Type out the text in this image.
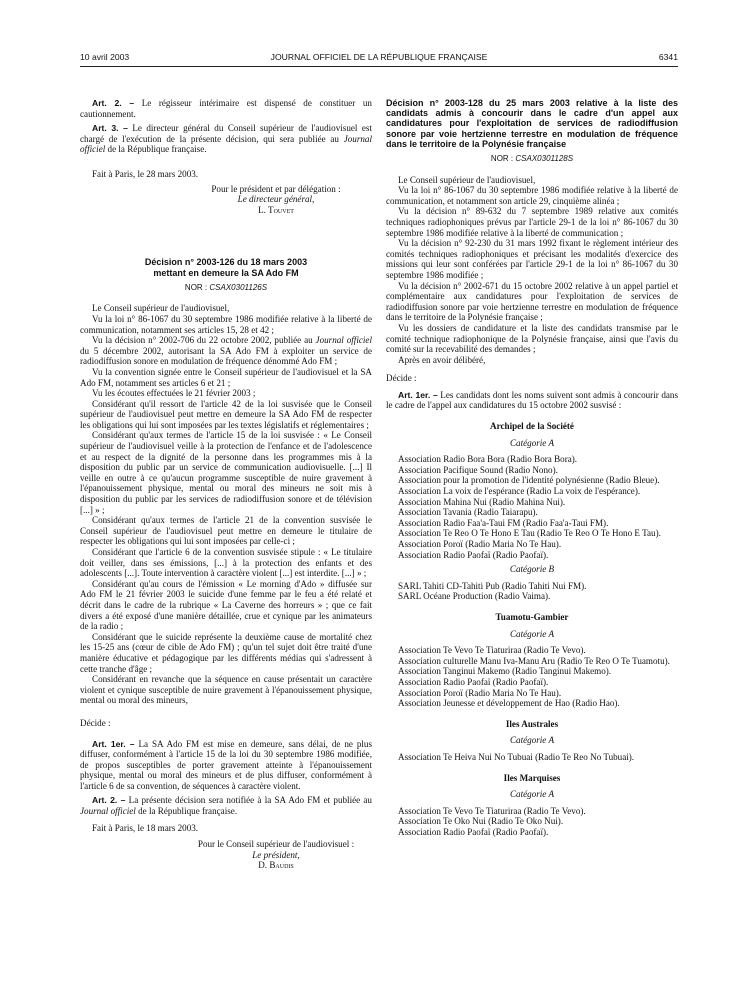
10 avril 2003	JOURNAL OFFICIEL DE LA RÉPUBLIQUE FRANÇAISE	6341

Art. 2. – Le régisseur intérimaire est dispensé de constituer un cautionnement.

Art. 3. – Le directeur général du Conseil supérieur de l'audiovisuel est chargé de l'exécution de la présente décision, qui sera publiée au Journal officiel de la République française.

Fait à Paris, le 28 mars 2003.

Pour le président et par délégation :
Le directeur général,
L. Touvet
Décision n° 2003-126 du 18 mars 2003
mettant en demeure la SA Ado FM
NOR : CSAX0301126S

Le Conseil supérieur de l'audiovisuel,

Vu la loi n° 86-1067 du 30 septembre 1986 modifiée relative à la liberté de communication, notamment ses articles 15, 28 et 42 ;

Vu la décision n° 2002-706 du 22 octobre 2002, publiée au Journal officiel du 5 décembre 2002, autorisant la SA Ado FM à exploiter un service de radiodiffusion sonore en modulation de fréquence dénommé Ado FM ;

Vu la convention signée entre le Conseil supérieur de l'audiovisuel et la SA Ado FM, notamment ses articles 6 et 21 ;

Vu les écoutes effectuées le 21 février 2003 ;

Considérant qu'il ressort de l'article 42 de la loi susvisée que le Conseil supérieur de l'audiovisuel peut mettre en demeure la SA Ado FM de respecter les obligations qui lui sont imposées par les textes législatifs et réglementaires ;

Considérant qu'aux termes de l'article 15 de la loi susvisée : « Le Conseil supérieur de l'audiovisuel veille à la protection de l'enfance et de l'adolescence et au respect de la dignité de la personne dans les programmes mis à la disposition du public par un service de communication audiovisuelle. [...] Il veille en outre à ce qu'aucun programme susceptible de nuire gravement à l'épanouissement physique, mental ou moral des mineurs ne soit mis à disposition du public par les services de radiodiffusion sonore et de télévision [...] » ;

Considérant qu'aux termes de l'article 21 de la convention susvisée le Conseil supérieur de l'audiovisuel peut mettre en demeure le titulaire de respecter les obligations qui lui sont imposées par celle-ci ;

Considérant que l'article 6 de la convention susvisée stipule : « Le titulaire doit veiller, dans ses émissions, [...] à la protection des enfants et des adolescents [...]. Toute intervention à caractère violent [...] est interdite. [...] » ;

Considérant qu'au cours de l'émission « Le morning d'Ado » diffusée sur Ado FM le 21 février 2003 le suicide d'une femme par le feu a été relaté et décrit dans le cadre de la rubrique « La Caverne des horreurs » ; que ce fait divers a été exposé d'une manière détaillée, crue et cynique par les animateurs de la radio ;

Considérant que le suicide représente la deuxième cause de mortalité chez les 15-25 ans (cœur de cible de Ado FM) ; qu'un tel sujet doit être traité d'une manière éducative et pédagogique par les différents médias qui s'adressent à cette tranche d'âge ;

Considérant en revanche que la séquence en cause présentait un caractère violent et cynique susceptible de nuire gravement à l'épanouissement physique, mental ou moral des mineurs,

Décide :

Art. 1er. – La SA Ado FM est mise en demeure, sans délai, de ne plus diffuser, conformément à l'article 15 de la loi du 30 septembre 1986 modifiée, de propos susceptibles de porter gravement atteinte à l'épanouissement physique, mental ou moral des mineurs et de plus diffuser, conformément à l'article 6 de sa convention, de séquences à caractère violent.

Art. 2. – La présente décision sera notifiée à la SA Ado FM et publiée au Journal officiel de la République française.

Fait à Paris, le 18 mars 2003.

Pour le Conseil supérieur de l'audiovisuel :
Le président,
D. Baudis
Décision n° 2003-128 du 25 mars 2003 relative à la liste des candidats admis à concourir dans le cadre d'un appel aux candidatures pour l'exploitation de services de radiodiffusion sonore par voie hertzienne terrestre en modulation de fréquence dans le territoire de la Polynésie française
NOR : CSAX0301128S

Le Conseil supérieur de l'audiovisuel,

Vu la loi n° 86-1067 du 30 septembre 1986 modifiée relative à la liberté de communication, et notamment son article 29, cinquième alinéa ;

Vu la décision n° 89-632 du 7 septembre 1989 relative aux comités techniques radiophoniques prévus par l'article 29-1 de la loi n° 86-1067 du 30 septembre 1986 modifiée relative à la liberté de communication ;

Vu la décision n° 92-230 du 31 mars 1992 fixant le règlement intérieur des comités techniques radiophoniques et précisant les modalités d'exercice des missions qui leur sont conférées par l'article 29-1 de la loi n° 86-1067 du 30 septembre 1986 modifiée ;

Vu la décision n° 2002-671 du 15 octobre 2002 relative à un appel partiel et complémentaire aux candidatures pour l'exploitation de services de radiodiffusion sonore par voie hertzienne terrestre en modulation de fréquence dans le territoire de la Polynésie française ;

Vu les dossiers de candidature et la liste des candidats transmise par le comité technique radiophonique de la Polynésie française, ainsi que l'avis du comité sur la recevabilité des demandes ;

Après en avoir délibéré,

Décide :

Art. 1er. – Les candidats dont les noms suivent sont admis à concourir dans le cadre de l'appel aux candidatures du 15 octobre 2002 susvisé :

Archipel de la Société
Catégorie A

Association Radio Bora Bora (Radio Bora Bora).

Association Pacifique Sound (Radio Nono).

Association pour la promotion de l'identité polynésienne (Radio Bleue).

Association La voix de l'espérance (Radio La voix de l'espérance).

Association Mahina Nui (Radio Mahina Nui).

Association Tavania (Radio Taiarapu).

Association Radio Faa'a-Taui FM (Radio Faa'a-Taui FM).

Association Te Reo O Te Hono E Tau (Radio Te Reo O Te Hono E Tau).

Association Poroï (Radio Maria No Te Hau).

Association Radio Paofaï (Radio Paofaï).

Catégorie B

SARL Tahiti CD-Tahiti Pub (Radio Tahiti Nui FM).

SARL Océane Production (Radio Vaima).

Tuamotu-Gambier
Catégorie A

Association Te Vevo Te Tiaturiraa (Radio Te Vevo).

Association culturelle Manu Iva-Manu Aru (Radio Te Reo O Te Tuamotu).

Association Tanginui Makemo (Radio Tanginui Makemo).

Association Radio Paofaï (Radio Paofaï).

Association Poroï (Radio Maria No Te Hau).

Association Jeunesse et développement de Hao (Radio Hao).

Iles Australes
Catégorie A

Association Te Heiva Nui No Tubuai (Radio Te Reo No Tubuai).

Iles Marquises
Catégorie A

Association Te Vevo Te Tiaturiraa (Radio Te Vevo).

Association Te Oko Nui (Radio Te Oko Nui).

Association Radio Paofaï (Radio Paofaï).
